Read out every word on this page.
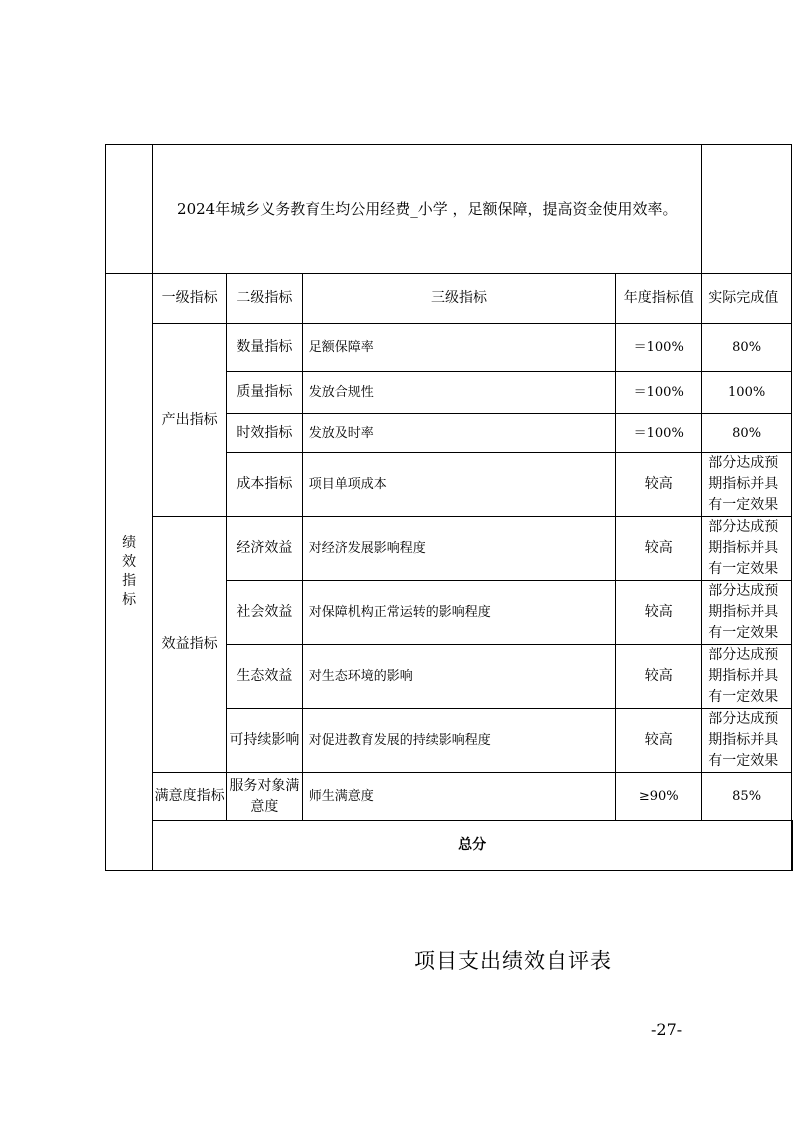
	2024年城乡义务教育生均公用经费_小学 ，足额保障，提高资金使用效率。					
绩效指标	一级指标	二级指标	三级指标	年度指标值	实际完成值	
	产出指标	数量指标	足额保障率	＝100%	80%	
		质量指标	发放合规性	＝100%	100%	
		时效指标	发放及时率	＝100%	80%	
		成本指标	项目单项成本	较高	部分达成预期指标并具有一定效果	
	效益指标	经济效益	对经济发展影响程度	较高	部分达成预期指标并具有一定效果	
		社会效益	对保障机构正常运转的影响程度	较高	部分达成预期指标并具有一定效果	
		生态效益	对生态环境的影响	较高	部分达成预期指标并具有一定效果	
		可持续影响	对促进教育发展的持续影响程度	较高	部分达成预期指标并具有一定效果	
	满意度指标	服务对象满意度	师生满意度	≥90%	85%	
	总分					
项目支出绩效自评表
-27-
